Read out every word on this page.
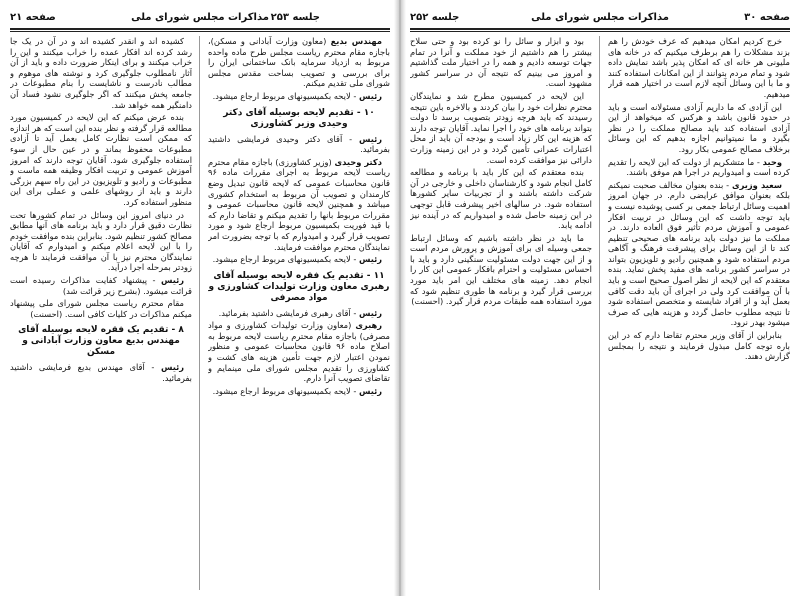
صفحه ۲۱	مذاکرات مجلس شورای ملی جلسه ۲۵۳

مهندس بدیع (معاون وزارت آبادانی و مسکن)، باجازه مقام محترم ریاست مجلس طرح ماده واحده مربوط به ازدیاد سرمایه بانک ساختمانی ایران را برای بررسی و تصویب بساحت مقدس مجلس شورای ملی تقدیم میکنم.

رئیس - لایحه بکمیسیونهای مربوط ارجاع میشود.

۱۰ - تقدیم لایحه بوسیله آقای دکتر وحیدی وزیر کشاورزی

رئیس - آقای دکتر وحیدی فرمایشی داشتید بفرمائید.

دکتر وحیدی (وزیر کشاورزی) باجازه مقام محترم ریاست لایحه مربوط به اجرای مقررات ماده ۹۶ قانون محاسبات عمومی که لایحه قانون تبدیل وضع کارمندان و تصویب آن مربوط به استخدام کشوری میباشد و همچنین لایحه قانون محاسبات عمومی و مقررات مربوط بانها را تقدیم میکنم و تقاضا دارم که با قید فوریت بکمیسیون مربوط ارجاع شود و مورد تصویب قرار گیرد و امیدوارم که با توجه بضرورت امر نمایندگان محترم موافقت فرمایند.

رئیس - لایحه بکمیسیونهای مربوط ارجاع میشود.

۱۱ - تقدیم یک فقره لایحه بوسیله آقای رهبری معاون وزارت تولیدات کشاورزی و مواد مصرفی

رئیس - آقای رهبری فرمایشی داشتید بفرمائید.

رهبری (معاون وزارت تولیدات کشاورزی و مواد مصرفی) باجازه مقام محترم ریاست لایحه مربوط به اصلاح ماده ۹۶ قانون محاسبات عمومی و منظور نمودن اعتبار لازم جهت تأمین هزینه های کشت و کشاورزی را تقدیم مجلس شورای ملی مینمایم و تقاضای تصویب آنرا دارم.

رئیس - لایحه بکمیسیونهای مربوط ارجاع میشود.

کشیده اند و انقدر کشیده اند و در آن در یک جا رشد کرده اند افکار عمده را خراب میکنند و این را خراب میکنند و برای اینکار ضرورت داده و باید از آن آثار نامطلوب جلوگیری کرد و نوشته های موهوم و مطالب نادرست و ناشایست را بنام مطبوعات در جامعه پخش میکنند که اگر جلوگیری نشود فساد آن دامنگیر همه خواهد شد.

بنده عرض میکنم که این لایحه در کمیسیون مورد مطالعه قرار گرفته و نظر بنده این است که هر اندازه که ممکن است نظارت کامل بعمل آید تا آزادی مطبوعات محفوظ بماند و در عین حال از سوء استفاده جلوگیری شود. آقایان توجه دارند که امروز آموزش عمومی و تربیت افکار وظیفه همه ماست و مطبوعات و رادیو و تلویزیون در این راه سهم بزرگی دارند و باید از روشهای علمی و عملی برای این منظور استفاده کرد.

در دنیای امروز این وسائل در تمام کشورها تحت نظارت دقیق قرار دارد و باید برنامه های آنها مطابق مصالح کشور تنظیم شود. بنابراین بنده موافقت خودم را با این لایحه اعلام میکنم و امیدوارم که آقایان نمایندگان محترم نیز با آن موافقت فرمایند تا هرچه زودتر بمرحله اجرا درآید.

رئیس - پیشنهاد کفایت مذاکرات رسیده است قرائت میشود. (بشرح زیر قرائت شد)

مقام محترم ریاست مجلس شورای ملی پیشنهاد میکنم مذاکرات در کلیات کافی است. (احسنت)

۸ - تقدیم یک فقره لایحه بوسیله آقای مهندس بدیع معاون وزارت آبادانی و مسکن

رئیس - آقای مهندس بدیع فرمایشی داشتید بفرمائید.

صفحه ۳۰
مذاکرات مجلس شورای ملی
جلسه ۲۵۲

خرج کردیم امکان میدهیم که عرف خودش را هم بزند مشکلات را هم برطرف میکنیم که در خانه های ملیونی هر خانه ای که امکان پذیر باشد نمایش داده شود و تمام مردم بتوانند از این امکانات استفاده کنند و ما با این وسائل آنچه لازم است در اختیار همه قرار میدهیم.

این آزادی که ما داریم آزادی مسئولانه است و باید در حدود قانون باشد و هرکس که میخواهد از این آزادی استفاده کند باید مصالح مملکت را در نظر بگیرد و ما نمیتوانیم اجازه بدهیم که این وسائل برخلاف مصالح عمومی بکار رود.

وحید - ما متشکریم از دولت که این لایحه را تقدیم کرده است و امیدواریم در اجرا هم موفق باشند.

سعید وزیری - بنده بعنوان مخالف صحبت نمیکنم بلکه بعنوان موافق عرایضی دارم. در جهان امروز اهمیت وسائل ارتباط جمعی بر کسی پوشیده نیست و باید توجه داشت که این وسائل در تربیت افکار عمومی و آموزش مردم تأثیر فوق العاده دارند. در مملکت ما نیز دولت باید برنامه های صحیحی تنظیم کند تا از این وسائل برای پیشرفت فرهنگ و آگاهی مردم استفاده شود و همچنین رادیو و تلویزیون بتواند در سراسر کشور برنامه های مفید پخش نماید. بنده معتقدم که این لایحه از نظر اصول صحیح است و باید با آن موافقت کرد ولی در اجرای آن باید دقت کافی بعمل آید و از افراد شایسته و متخصص استفاده شود تا نتیجه مطلوب حاصل گردد و هزینه هایی که صرف میشود بهدر نرود.

بنابراین از آقای وزیر محترم تقاضا دارم که در این باره توجه کامل مبذول فرمایند و نتیجه را بمجلس گزارش دهند.

بود و ابزار و سائل را نو کرده بود و حتی سلاح بیشتر را هم داشتیم از خود مملکت و آنرا در تمام جهات توسعه دادیم و همه را در اختیار ملت گذاشتیم و امروز می بینیم که نتیجه آن در سراسر کشور مشهود است.

این لایحه در کمیسیون مطرح شد و نمایندگان محترم نظرات خود را بیان کردند و بالاخره باین نتیجه رسیدند که باید هرچه زودتر بتصویب برسد تا دولت بتواند برنامه های خود را اجرا نماید. آقایان توجه دارند که هزینه این کار زیاد است و بودجه آن باید از محل اعتبارات عمرانی تأمین گردد و در این زمینه وزارت دارائی نیز موافقت کرده است.

بنده معتقدم که این کار باید با برنامه و مطالعه کامل انجام شود و کارشناسان داخلی و خارجی در آن شرکت داشته باشند و از تجربیات سایر کشورها استفاده شود. در سالهای اخیر پیشرفت قابل توجهی در این زمینه حاصل شده و امیدواریم که در آینده نیز ادامه یابد.

ما باید در نظر داشته باشیم که وسائل ارتباط جمعی وسیله ای برای آموزش و پرورش مردم است و از این جهت دولت مسئولیت سنگینی دارد و باید با احساس مسئولیت و احترام بافکار عمومی این کار را انجام دهد. زمینه های مختلف این امر باید مورد بررسی قرار گیرد و برنامه ها طوری تنظیم شود که مورد استفاده همه طبقات مردم قرار گیرد. (احسنت)
